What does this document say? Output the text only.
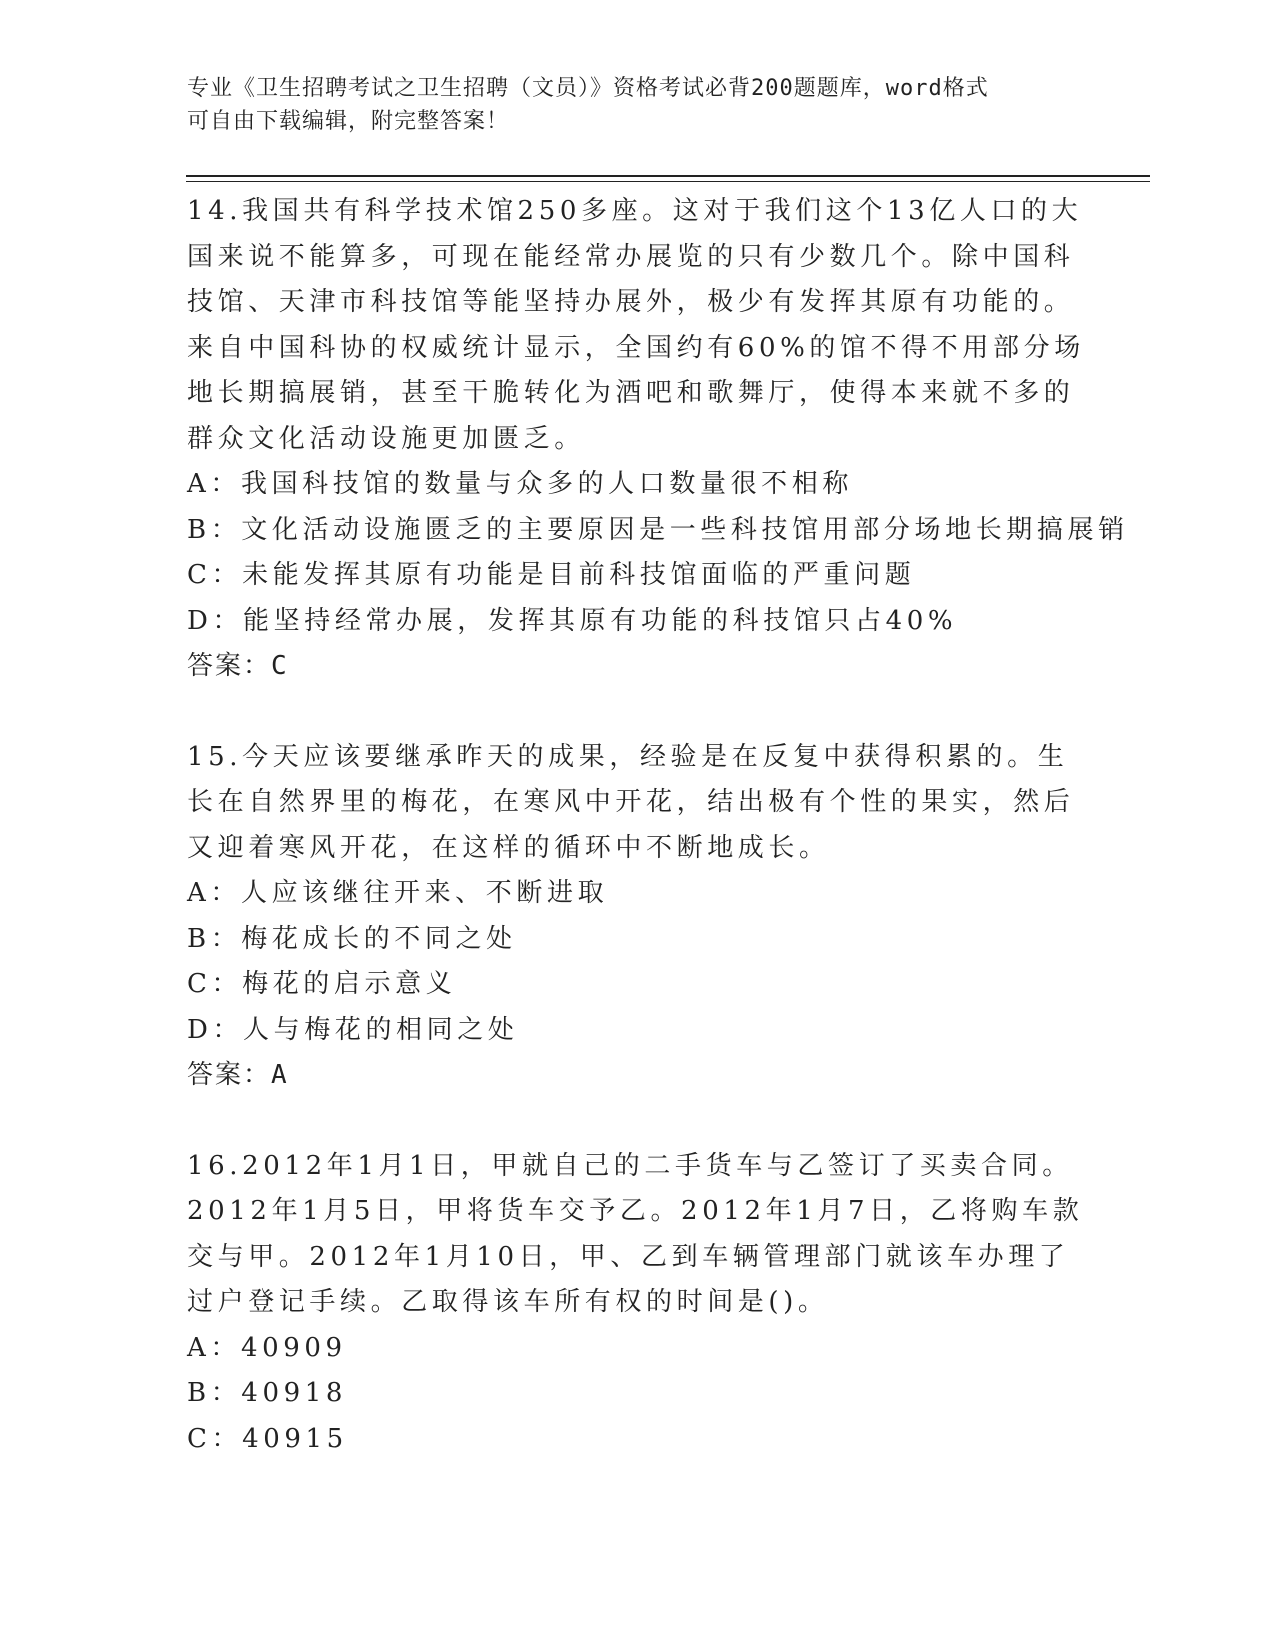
专业《卫生招聘考试之卫生招聘（文员）》资格考试必背200题题库，word格式
可自由下载编辑，附完整答案！

14.我国共有科学技术馆250多座。这对于我们这个13亿人口的大国来说不能算多，可现在能经常办展览的只有少数几个。除中国科技馆、天津市科技馆等能坚持办展外，极少有发挥其原有功能的。来自中国科协的权威统计显示，全国约有60%的馆不得不用部分场地长期搞展销，甚至干脆转化为酒吧和歌舞厅，使得本来就不多的群众文化活动设施更加匮乏。

A：我国科技馆的数量与众多的人口数量很不相称

B：文化活动设施匮乏的主要原因是一些科技馆用部分场地长期搞展销

C：未能发挥其原有功能是目前科技馆面临的严重问题

D：能坚持经常办展，发挥其原有功能的科技馆只占40%

答案：C

15.今天应该要继承昨天的成果，经验是在反复中获得积累的。生长在自然界里的梅花，在寒风中开花，结出极有个性的果实，然后又迎着寒风开花，在这样的循环中不断地成长。

A：人应该继往开来、不断进取

B：梅花成长的不同之处

C：梅花的启示意义

D：人与梅花的相同之处

答案：A

16.2012年1月1日，甲就自己的二手货车与乙签订了买卖合同。2012年1月5日，甲将货车交予乙。2012年1月7日，乙将购车款交与甲。2012年1月10日，甲、乙到车辆管理部门就该车办理了过户登记手续。乙取得该车所有权的时间是()。

A：40909

B：40918

C：40915
